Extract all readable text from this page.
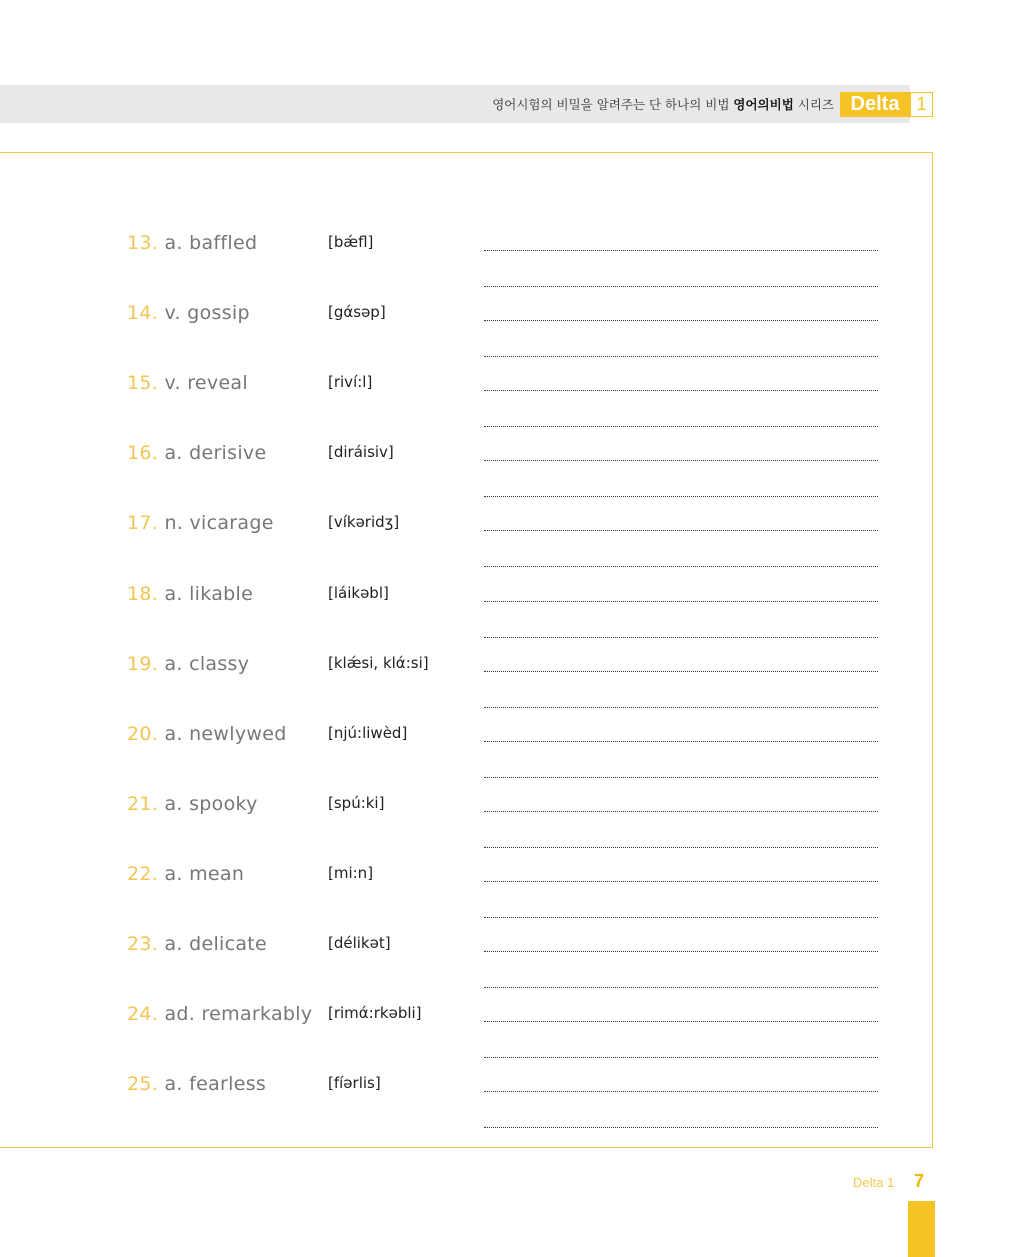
영어시험의 비밀을 알려주는 단 하나의 비법 영어의비법 시리즈 Delta 1
13. a. baffled	[bǽfl]
14. v. gossip	[gάsəp]
15. v. reveal	[riví:l]
16. a. derisive	[diráisiv]
17. n. vicarage	[víkəridʒ]
18. a. likable	[láikəbl]
19. a. classy	[klǽsi, klά:si]
20. a. newlywed	[njú:liwèd]
21. a. spooky	[spú:ki]
22. a. mean	[mi:n]
23. a. delicate	[délikət]
24. ad. remarkably [rimά:rkəbli]
25. a. fearless	[fíərlis]
Delta 1 7
